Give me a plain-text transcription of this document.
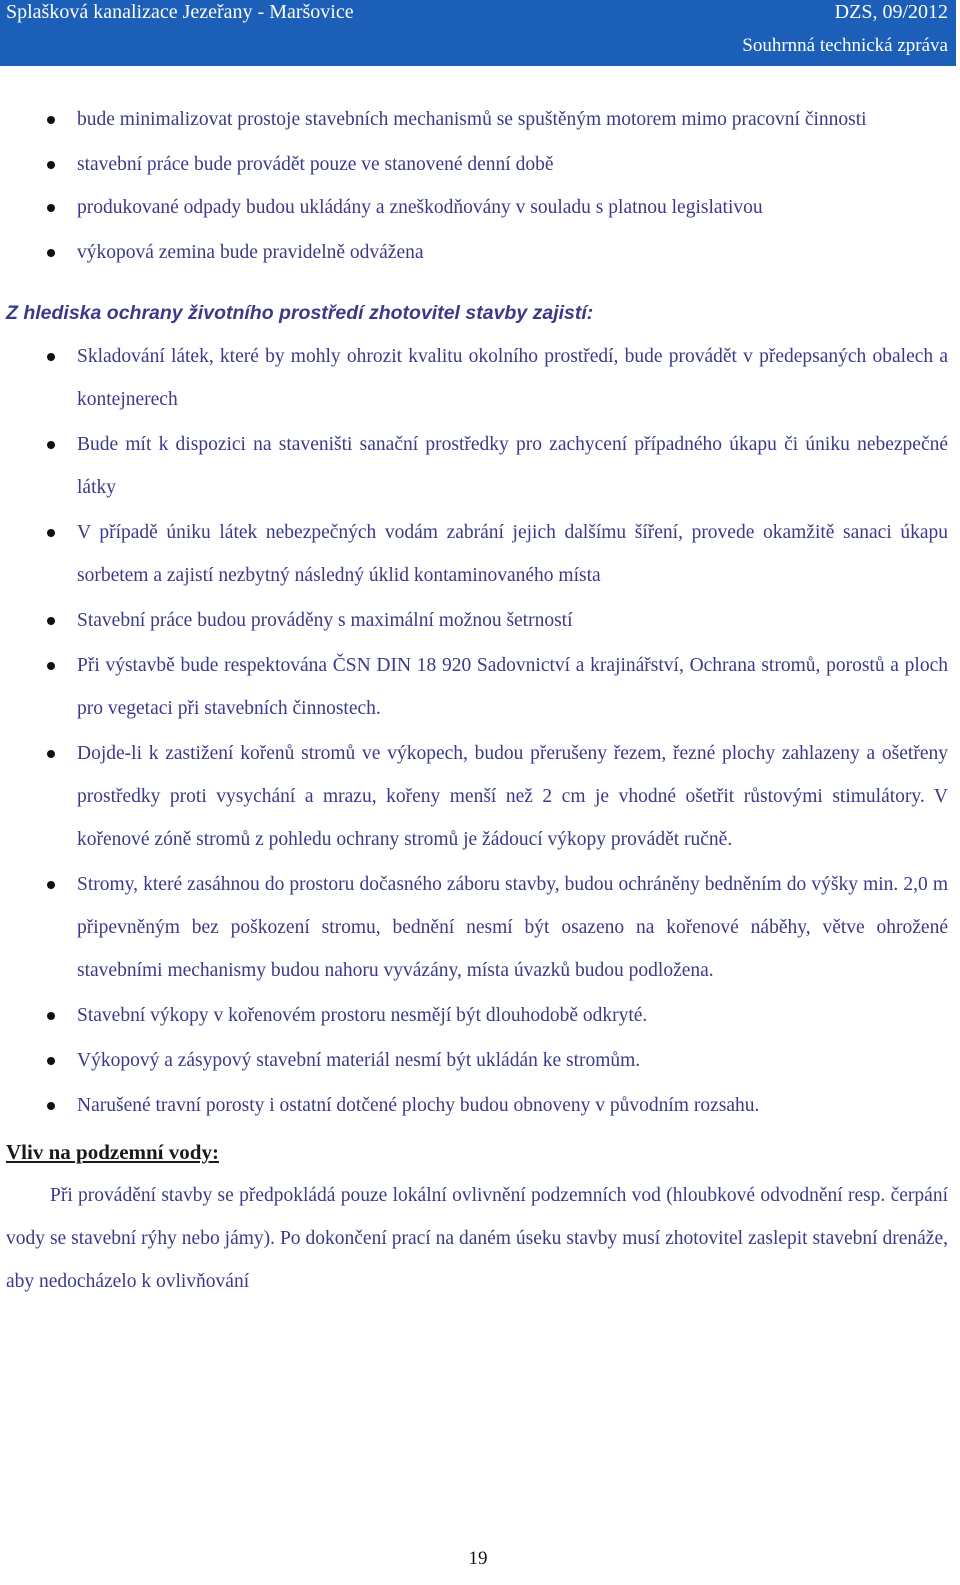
Splašková kanalizace Jezeřany - Maršovice	DZS, 09/2012
Souhrnná technická zpráva

bude minimalizovat prostoje stavebních mechanismů se spuštěným motorem mimo pracovní činnosti

stavební práce bude provádět pouze ve stanovené denní době

produkované odpady budou ukládány a zneškodňovány v souladu s platnou legislativou

výkopová zemina bude pravidelně odvážena

Z hlediska ochrany životního prostředí zhotovitel stavby zajistí:

Skladování látek, které by mohly ohrozit kvalitu okolního prostředí, bude provádět v předepsaných obalech a kontejnerech

Bude mít k dispozici na staveništi sanační prostředky pro zachycení případného úkapu či úniku nebezpečné látky

V případě úniku látek nebezpečných vodám zabrání jejich dalšímu šíření, provede okamžitě sanaci úkapu sorbetem a zajistí nezbytný následný úklid kontaminovaného místa

Stavební práce budou prováděny s maximální možnou šetrností

Při výstavbě bude respektována ČSN DIN 18 920 Sadovnictví a krajinářství, Ochrana stromů, porostů a ploch pro vegetaci při stavebních činnostech.

Dojde-li k zastižení kořenů stromů ve výkopech, budou přerušeny řezem, řezné plochy zahlazeny a ošetřeny prostředky proti vysychání a mrazu, kořeny menší než 2 cm je vhodné ošetřit růstovými stimulátory. V kořenové zóně stromů z pohledu ochrany stromů je žádoucí výkopy provádět ručně.

Stromy, které zasáhnou do prostoru dočasného záboru stavby, budou ochráněny bedněním do výšky min. 2,0 m připevněným bez poškození stromu, bednění nesmí být osazeno na kořenové náběhy, větve ohrožené stavebními mechanismy budou nahoru vyvázány, místa úvazků budou podložena.

Stavební výkopy v kořenovém prostoru nesmějí být dlouhodobě odkryté.

Výkopový a zásypový stavební materiál nesmí být ukládán ke stromům.

Narušené travní porosty i ostatní dotčené plochy budou obnoveny v původním rozsahu.

Vliv na podzemní vody:

Při provádění stavby se předpokládá pouze lokální ovlivnění podzemních vod (hloubkové odvodnění resp. čerpání vody se stavební rýhy nebo jámy). Po dokončení prací na daném úseku stavby musí zhotovitel zaslepit stavební drenáže, aby nedocházelo k ovlivňování

19
